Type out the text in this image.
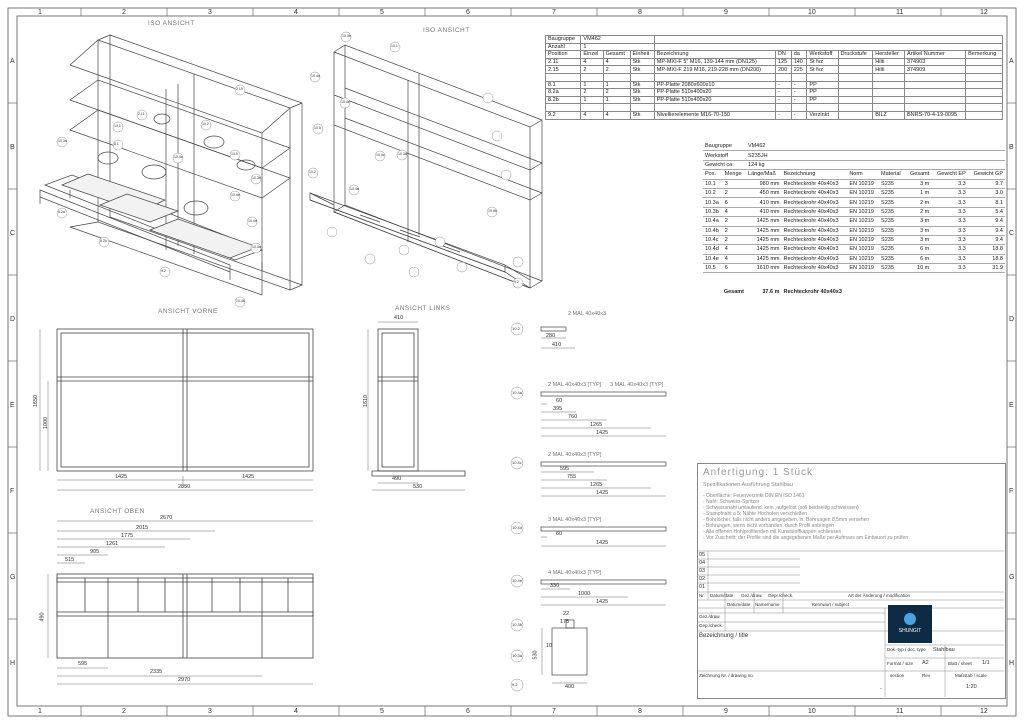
1	2	3	4	5	6	7	8	9	10	11	12
1	2	3	4	5	6	7	8	9	10	11	12
A
B
C
D
E
F
G
H
A
B
C
D
E
F
G
H
ISO ANSICHT
ISO ANSICHT
ANSICHT VORNE	ANSICHT LINKS
ANSICHT OBEN
1425	1425
2850
1650
1000
410
1610
490
530
2670
2015
1775
1261
905
515
490
595
2335
2970
280
410
60
395
760
1265
1425
595
755
1265
1425
60
1425
330
1000
1425
22
175
530
400
10
2 MAL 40x40x3
2 MAL 40x40x3 [TYP] 3 MAL 40x40x3 [TYP]
2 MAL 40x40x3 [TYP]
3 MAL 40x40x3 [TYP]
4 MAL 40x40x3 [TYP]
10.3a
10.1
2.11
2.15
10.2
8.1
10.4c
10.5
8.2a
8.2b
9.2
10.4b
10.3b
10.4e
10.4d
10.4a
10.3b
10.1
10.4d
10.4e
10.5
10.4c	10.3a
10.2
10.4a
10.4b
9.2
10.2
10.4a
10.4c
10.4d
10.4e
10.3b
10.3a
9.2
Baugruppe	VM462										
Anzahl	1										
Position	Einzel	Gesamt	Einheit	Bezeichnung	DN	da	Werkstoff	Druckstufe	Hersteller	Artikel Nummer	Bemerkung
2.11	4	4	Stk	MP-MXI-F 5" M16, 139-144 mm (DN125)	125	140	St fvz		Hilti	374903	
2.15	2	2	Stk	MP-MXI-F 219 M16, 219-228 mm (DN200)	200	225	St fvz		Hilti	374909	

8.1	1	1	Stk	PP-Platte 2080x600x10	-	-	PP				
8.2a	2	2	Stk	PP-Platte 510x400x20	-	-	PP				
8.2b	1	1	Stk	PP-Platte 510x400x20	-	-	PP				

9.2	4	4	Stk	Nivellierelemente M16-70-150	-	-	Verzinkt		BILZ	BNRS-70-4-19-0095	
Baugruppe		VM462						
Werkstoff		S235JH						
Gewicht ca:		124 kg						
Pos.	Menge	Länge/Maß	Bezeichnung	Norm	Material	Gesamt	Gewicht EP	Gewicht GP
10.1	3	980 mm	Rechteckrohr 40x40x3	EN 10219	S235	3 m	3.3	9.7
10.2	2	450 mm	Rechteckrohr 40x40x3	EN 10219	S235	1 m	3.3	3.0
10.3a	6	410 mm	Rechteckrohr 40x40x3	EN 10219	S235	2 m	3.3	8.1
10.3b	4	410 mm	Rechteckrohr 40x40x3	EN 10219	S235	2 m	3.3	5.4
10.4a	2	1425 mm	Rechteckrohr 40x40x3	EN 10219	S235	3 m	3.3	9.4
10.4b	2	1425 mm	Rechteckrohr 40x40x3	EN 10219	S235	3 m	3.3	9.4
10.4c	2	1425 mm	Rechteckrohr 40x40x3	EN 10219	S235	3 m	3.3	9.4
10.4d	4	1425 mm	Rechteckrohr 40x40x3	EN 10219	S235	6 m	3.3	18.8
10.4e	4	1425 mm	Rechteckrohr 40x40x3	EN 10219	S235	6 m	3.3	18.8
10.5	6	1610 mm	Rechteckrohr 40x40x3	EN 10219	S235	10 m	3.3	31.9

Gesamt		37.6 m	Rechteckrohr 40x40x3					
Anfertigung: 1 Stück
Spezifikationen Ausführung Stahlbau
- Oberfläche: Feuerverzinkt DIN EN ISO 1461
- Naht: Schweiss-Spritzer
- Schweissnaht umlaufend: kein ,aufgelöst (soll beidseitig schweissen)
- Stumpfnaht a 5; Nähte Hochofen verschleifen
- Bohrlöcher, falls nicht anders angegeben, in: Bohrungen 8,5mm versehen
- Bohrungen, wenn nicht vorhanden, durch Profil anbringen
- Alle offenen Hohlprofilenden mit Kunststoffkappen schliessen
- Vor Zuschnitt: der Profile sind die angegebenen Maße per Aufmass am Einbauort zu prüfen
05
04
03
02
01
Nr. Datum/date Gez./draw. Gepr./check.	Art der Änderung / modification
Datum/date Name/name	Kennwort / subject
Gez./draw.
Gep./check.
Bezeichnung / title
Zeichnung Nr. / drawing no.
-
SHUNGIT
Dok.-typ / doc. type Stahlbau
Format / size A2	Blatt / sheet 1/1
section	Rev	Maßstab / scale
1:20
